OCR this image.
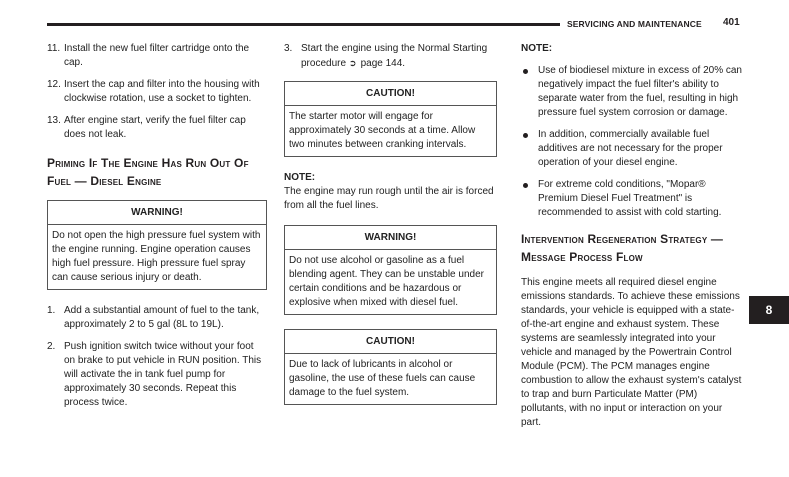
SERVICING AND MAINTENANCE 401
8
11. Install the new fuel filter cartridge onto the cap.
12. Insert the cap and filter into the housing with clockwise rotation, use a socket to tighten.
13. After engine start, verify the fuel filter cap does not leak.
Priming If The Engine Has Run Out Of Fuel — Diesel Engine
WARNING!
Do not open the high pressure fuel system with the engine running. Engine operation causes high fuel pressure. High pressure fuel spray can cause serious injury or death.
1. Add a substantial amount of fuel to the tank, approximately 2 to 5 gal (8L to 19L).
2. Push ignition switch twice without your foot on brake to put vehicle in RUN position. This will activate the in tank fuel pump for approximately 30 seconds. Repeat this process twice.
3. Start the engine using the Normal Starting procedure ➲ page 144.
CAUTION!
The starter motor will engage for approximately 30 seconds at a time. Allow two minutes between cranking intervals.
NOTE:
The engine may run rough until the air is forced from all the fuel lines.
WARNING!
Do not use alcohol or gasoline as a fuel blending agent. They can be unstable under certain conditions and be hazardous or explosive when mixed with diesel fuel.
CAUTION!
Due to lack of lubricants in alcohol or gasoline, the use of these fuels can cause damage to the fuel system.
NOTE:
Use of biodiesel mixture in excess of 20% can negatively impact the fuel filter's ability to separate water from the fuel, resulting in high pressure fuel system corrosion or damage.
In addition, commercially available fuel additives are not necessary for the proper operation of your diesel engine.
For extreme cold conditions, "Mopar® Premium Diesel Fuel Treatment" is recommended to assist with cold starting.
Intervention Regeneration Strategy — Message Process Flow
This engine meets all required diesel engine emissions standards. To achieve these emissions standards, your vehicle is equipped with a state-of-the-art engine and exhaust system. These systems are seamlessly integrated into your vehicle and managed by the Powertrain Control Module (PCM). The PCM manages engine combustion to allow the exhaust system's catalyst to trap and burn Particulate Matter (PM) pollutants, with no input or interaction on your part.
